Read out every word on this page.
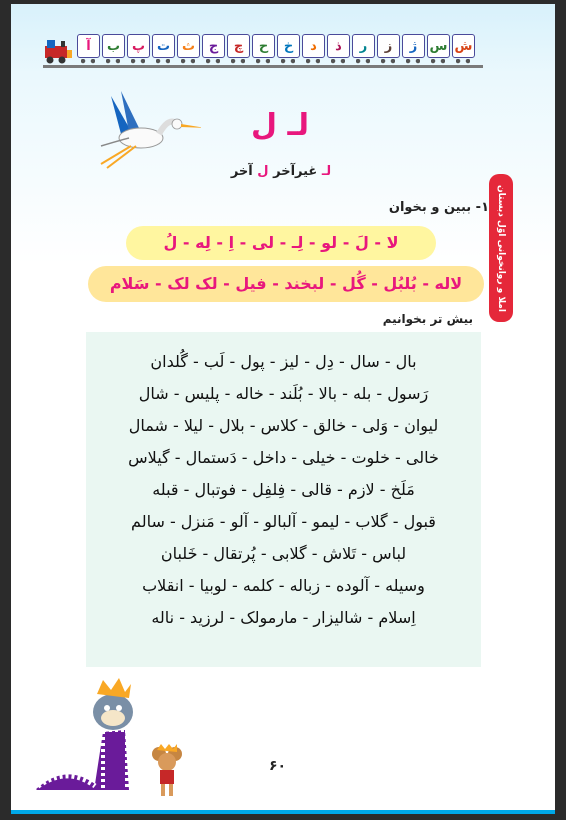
آ	ب پ ت ث	ج	چ	ح	خ	د	ذ	ر	ز	ژ س ش
لـ ل
لـ غیرآخر ل آخر
املا و روانخوانی اوّل دبستان
۱- ببین و بخوان
لا - لَ - لو - لِـ - لی - اِ - لِه - لُ
لاله - بُلبُل - گُل - لبخند - فیل - لک لک - سَلام
بیش تر بخوانیم
بال - سال - دِل - لیز - پول - لَب - گُلدان
رَسول - بله - بالا - بُلَند - خاله - پلیس - شال
لیوان - وَلی - خالق - کلاس - بلال - لیلا - شمال
خالی - خلوت - خیلی - داخل - دَستمال - گیلاس
مَلَخ - لازم - قالی - فِلفِل - فوتبال - قبله
قبول - گلاب - لیمو - آلبالو - آلو - مَنزل - سالم
لباس - تَلاش - گلابی - پُرتقال - خَلبان
وسیله - آلوده - زباله - کلمه - لوبیا - انقلاب
اِسلام - شالیزار - مارمولک - لرزید - ناله
۶۰
